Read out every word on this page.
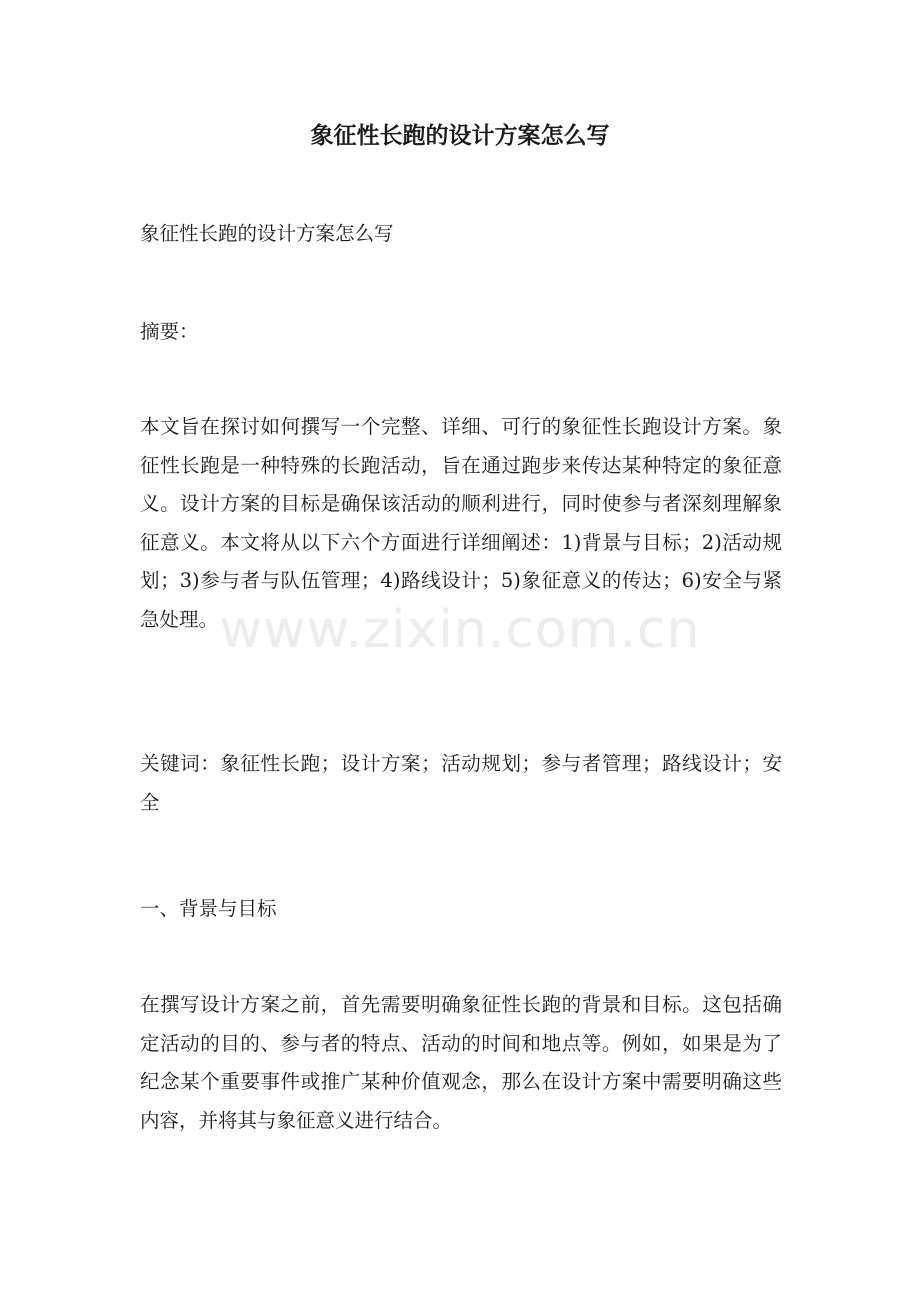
象征性长跑的设计方案怎么写

象征性长跑的设计方案怎么写

摘要：

本文旨在探讨如何撰写一个完整、详细、可行的象征性长跑设计方案。象征性长跑是一种特殊的长跑活动，旨在通过跑步来传达某种特定的象征意义。设计方案的目标是确保该活动的顺利进行，同时使参与者深刻理解象征意义。本文将从以下六个方面进行详细阐述：1)背景与目标；2)活动规划；3)参与者与队伍管理；4)路线设计；5)象征意义的传达；6)安全与紧急处理。

关键词：象征性长跑；设计方案；活动规划；参与者管理；路线设计；安全

一、背景与目标

在撰写设计方案之前，首先需要明确象征性长跑的背景和目标。这包括确定活动的目的、参与者的特点、活动的时间和地点等。例如，如果是为了纪念某个重要事件或推广某种价值观念，那么在设计方案中需要明确这些内容，并将其与象征意义进行结合。

www.zixin.com.cn
